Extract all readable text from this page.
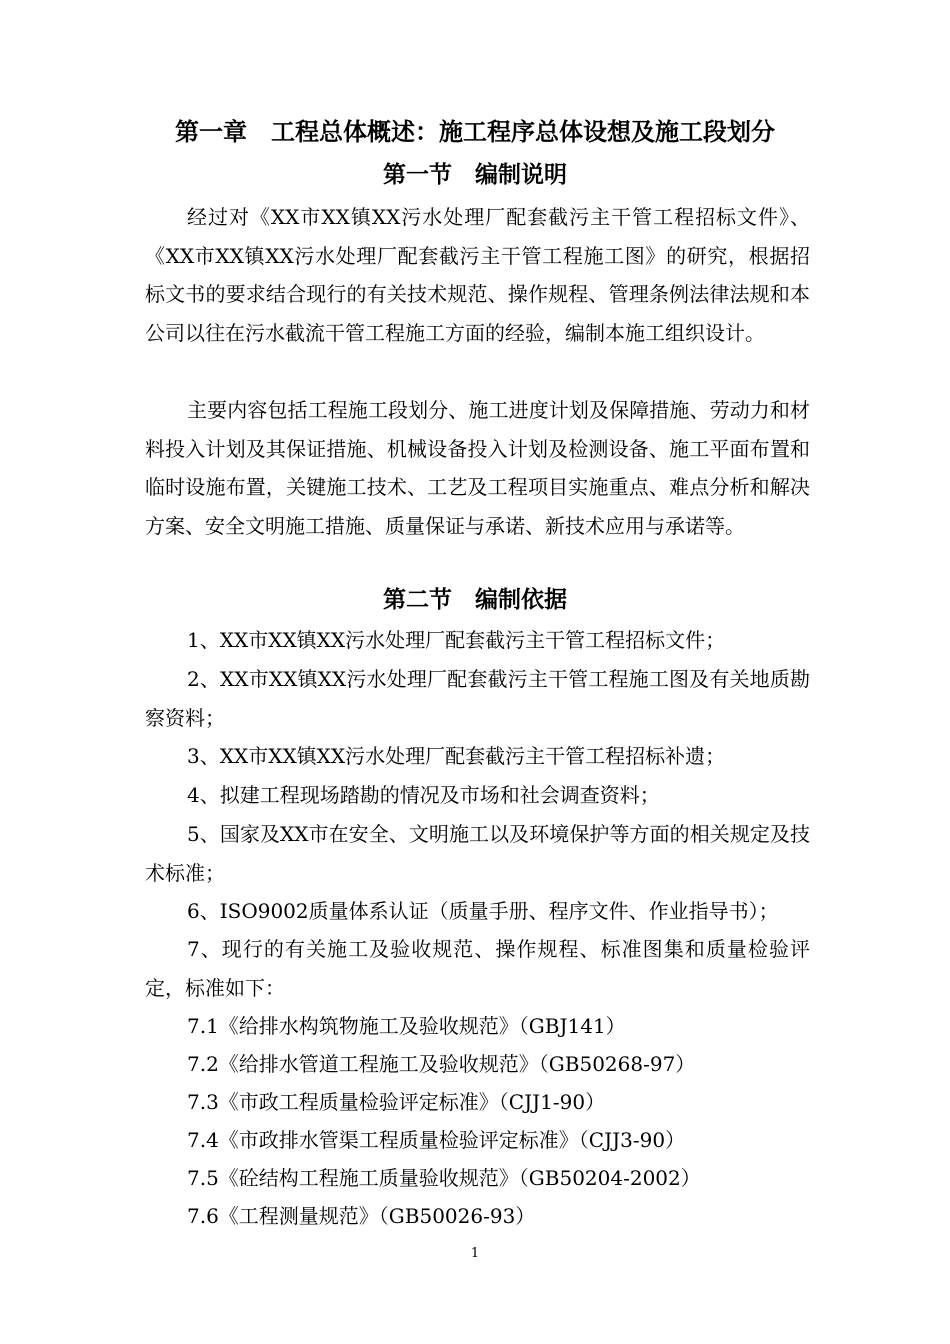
第一章　工程总体概述：施工程序总体设想及施工段划分
第一节　编制说明

经过对《XX市XX镇XX污水处理厂配套截污主干管工程招标文件》、《XX市XX镇XX污水处理厂配套截污主干管工程施工图》的研究，根据招标文书的要求结合现行的有关技术规范、操作规程、管理条例法律法规和本公司以往在污水截流干管工程施工方面的经验，编制本施工组织设计。

主要内容包括工程施工段划分、施工进度计划及保障措施、劳动力和材料投入计划及其保证措施、机械设备投入计划及检测设备、施工平面布置和临时设施布置，关键施工技术、工艺及工程项目实施重点、难点分析和解决方案、安全文明施工措施、质量保证与承诺、新技术应用与承诺等。

第二节　编制依据

1、XX市XX镇XX污水处理厂配套截污主干管工程招标文件；

2、XX市XX镇XX污水处理厂配套截污主干管工程施工图及有关地质勘察资料；

3、XX市XX镇XX污水处理厂配套截污主干管工程招标补遗；

4、拟建工程现场踏勘的情况及市场和社会调查资料；

5、国家及XX市在安全、文明施工以及环境保护等方面的相关规定及技术标准；

6、ISO9002质量体系认证（质量手册、程序文件、作业指导书）；

7、现行的有关施工及验收规范、操作规程、标准图集和质量检验评定，标准如下：

7.1《给排水构筑物施工及验收规范》（GBJ141）

7.2《给排水管道工程施工及验收规范》（GB50268-97）

7.3《市政工程质量检验评定标准》（CJJ1-90）

7.4《市政排水管渠工程质量检验评定标准》（CJJ3-90）

7.5《砼结构工程施工质量验收规范》（GB50204-2002）

7.6《工程测量规范》（GB50026-93）

1
